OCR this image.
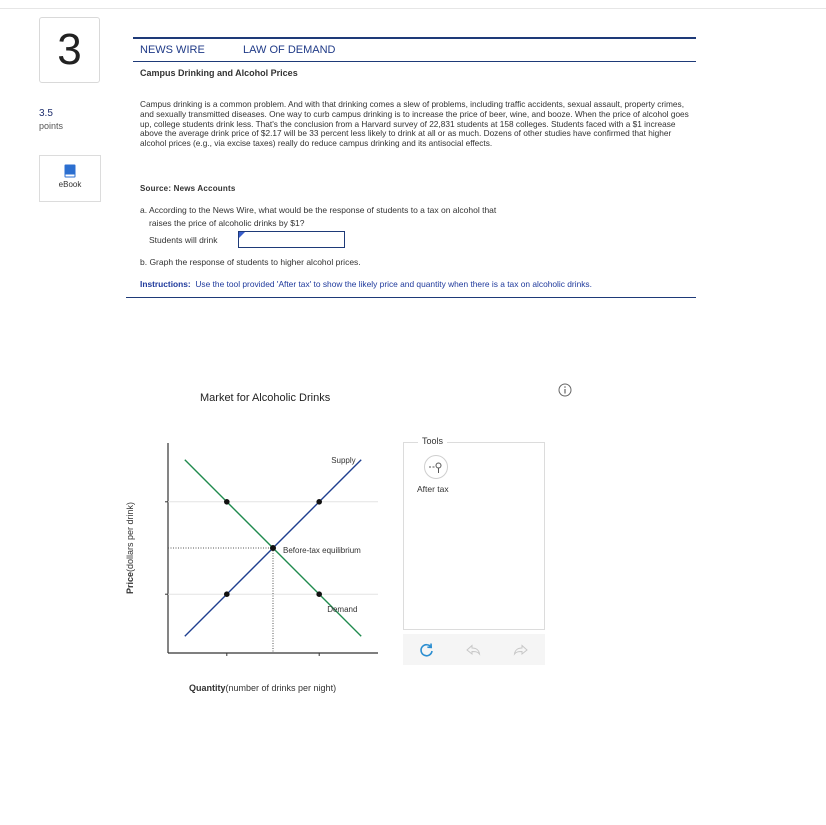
3
3.5
points
eBook
NEWS WIRE	LAW OF DEMAND
Campus Drinking and Alcohol Prices

Campus drinking is a common problem. And with that drinking comes a slew of problems, including traffic accidents, sexual assault, property crimes, and sexually transmitted diseases. One way to curb campus drinking is to increase the price of beer, wine, and booze. When the price of alcohol goes up, college students drink less. That's the conclusion from a Harvard survey of 22,831 students at 158 colleges. Students faced with a $1 increase above the average drink price of $2.17 will be 33 percent less likely to drink at all or as much. Dozens of other studies have confirmed that higher alcohol prices (e.g., via excise taxes) really do reduce campus drinking and its antisocial effects.

Source: News Accounts
a. According to the News Wire, what would be the response of students to a tax on alcohol that
raises the price of alcoholic drinks by $1?
Students will drink
b. Graph the response of students to higher alcohol prices.
Instructions: Use the tool provided 'After tax' to show the likely price and quantity when there is a tax on alcoholic drinks.
Market for Alcoholic Drinks
Supply
Demand
Before-tax equilibrium
Price(dollars per drink)
Quantity(number of drinks per night)
Tools
After tax
